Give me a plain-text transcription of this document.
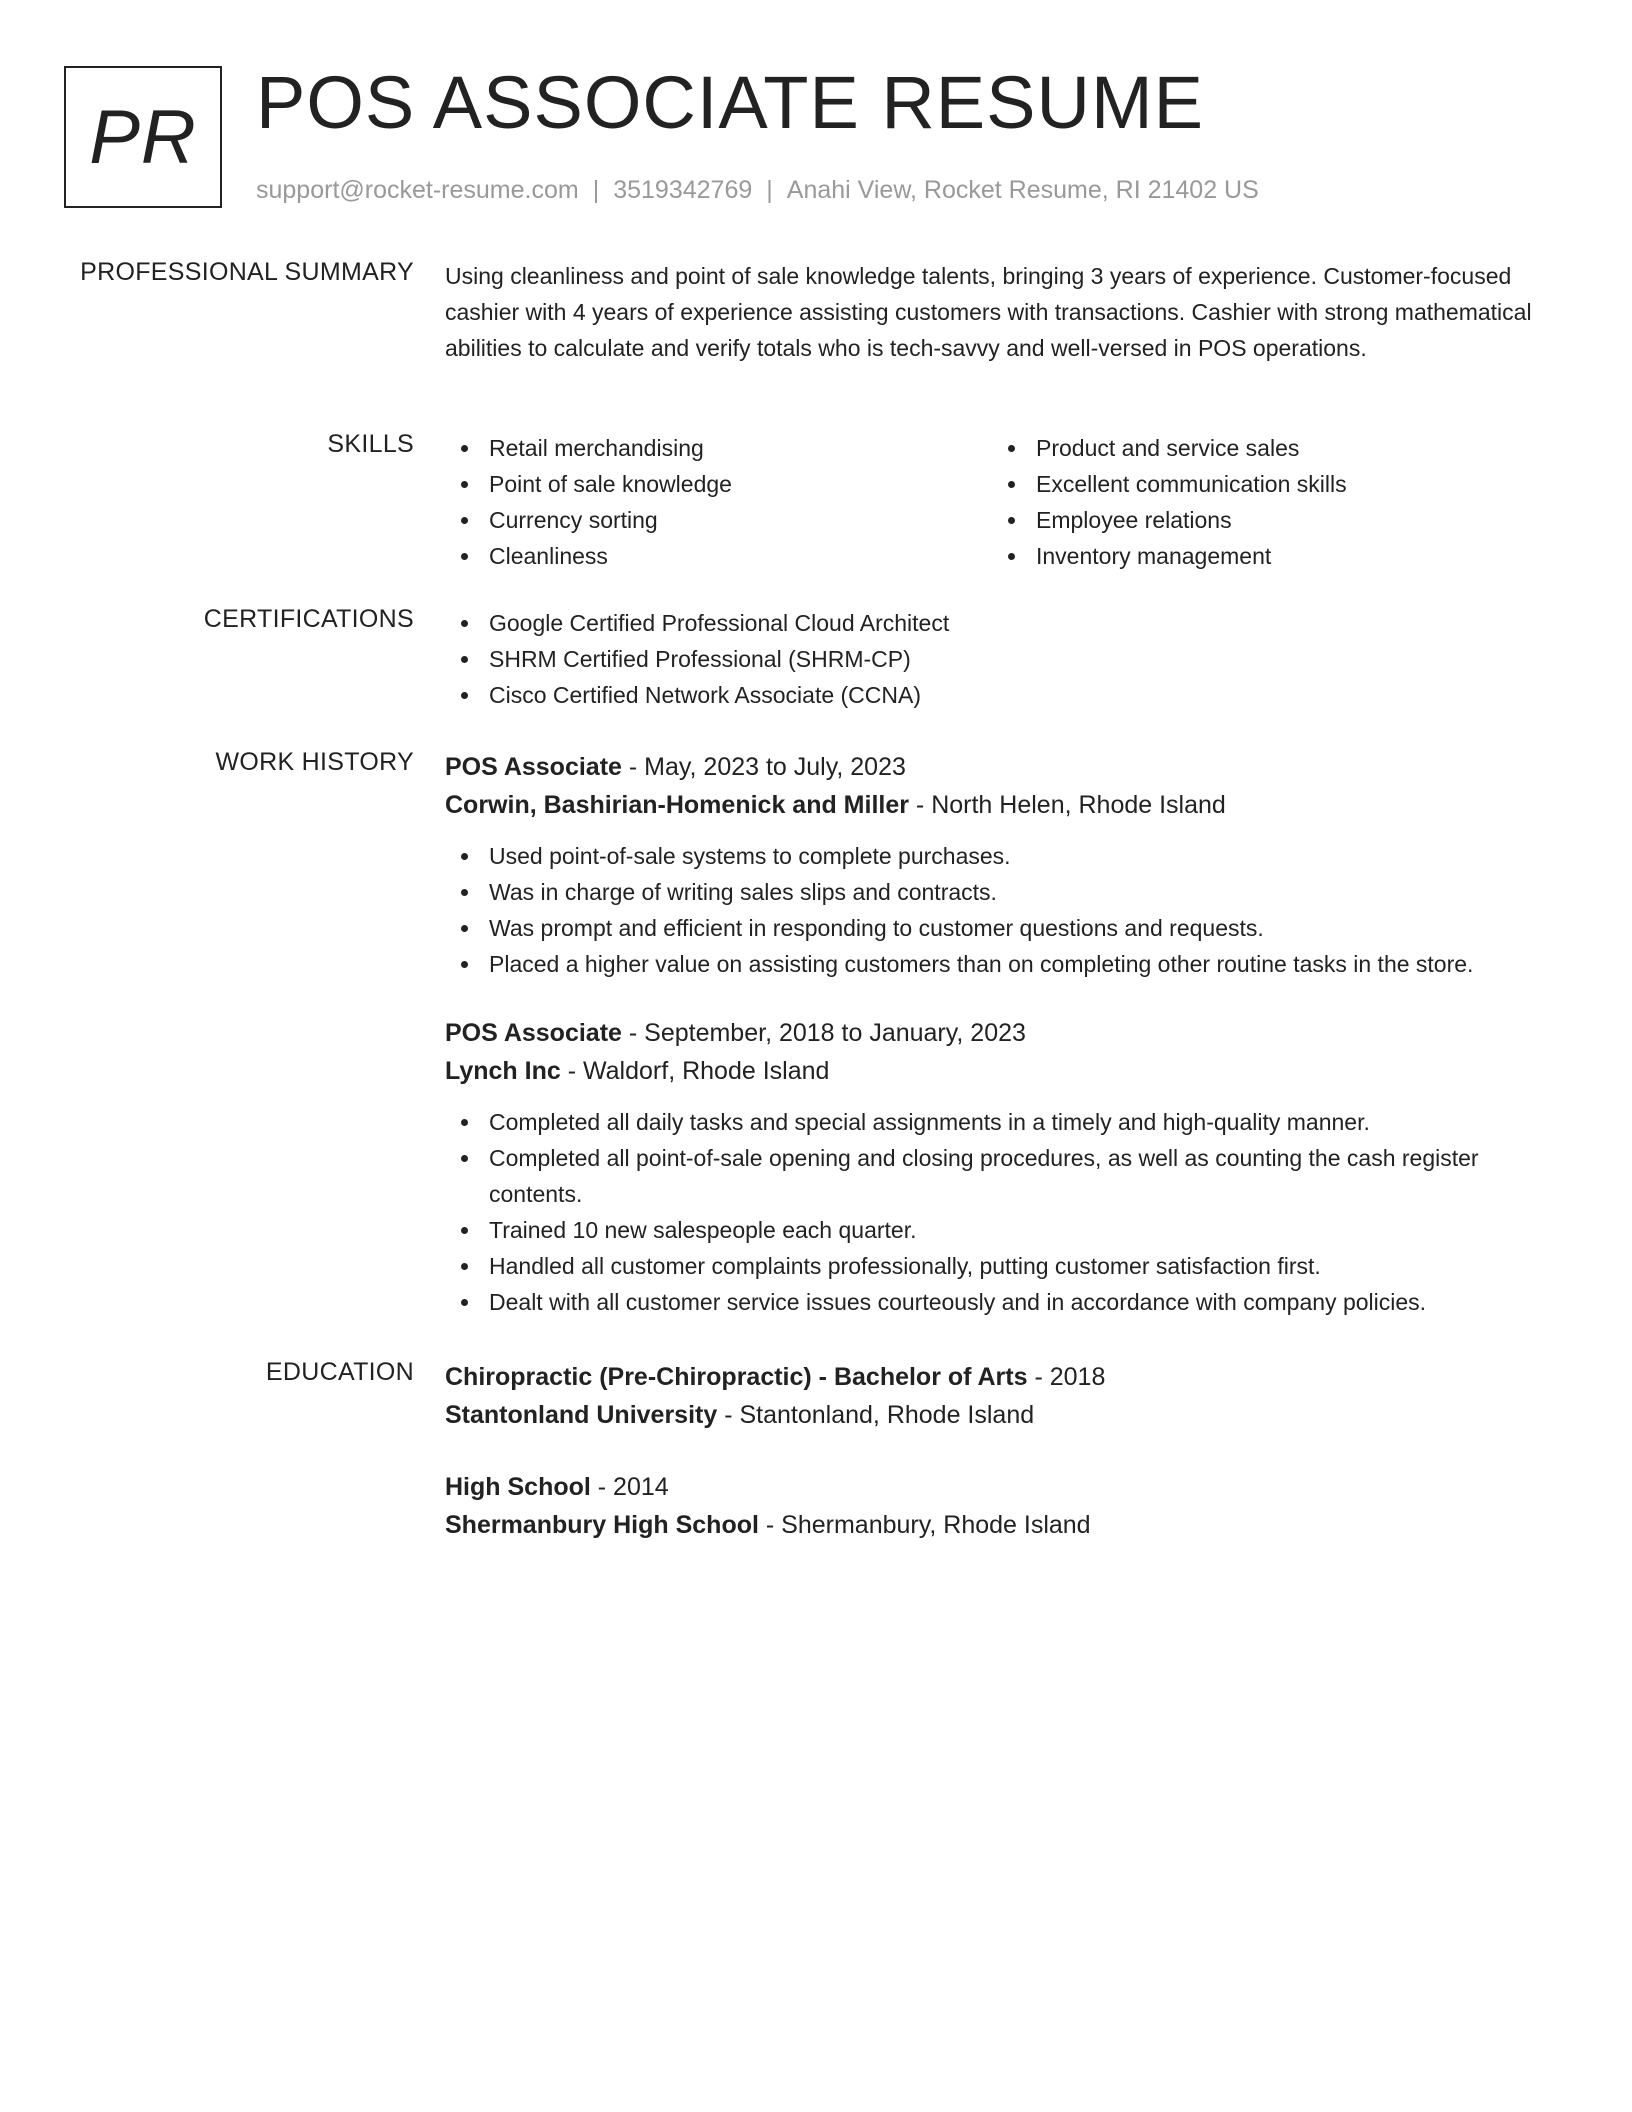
PR POS ASSOCIATE RESUME
support@rocket-resume.com | 3519342769 | Anahi View, Rocket Resume, RI 21402 US
PROFESSIONAL SUMMARY Using cleanliness and point of sale knowledge talents, bringing 3 years of experience. Customer-focused cashier with 4 years of experience assisting customers with transactions. Cashier with strong mathematical abilities to calculate and verify totals who is tech-savvy and well-versed in POS operations.

SKILLS	Retail merchandising
Point of sale knowledge
Currency sorting
Cleanliness
Product and service sales
Excellent communication skills
Employee relations
Inventory management
CERTIFICATIONS	Google Certified Professional Cloud Architect
SHRM Certified Professional (SHRM-CP)
Cisco Certified Network Associate (CCNA)
WORK HISTORY POS Associate - May, 2023 to July, 2023
Corwin, Bashirian-Homenick and Miller - North Helen, Rhode Island
Used point-of-sale systems to complete purchases.
Was in charge of writing sales slips and contracts.
Was prompt and efficient in responding to customer questions and requests.
Placed a higher value on assisting customers than on completing other routine tasks in the store.
POS Associate - September, 2018 to January, 2023
Lynch Inc - Waldorf, Rhode Island
Completed all daily tasks and special assignments in a timely and high-quality manner.
Completed all point-of-sale opening and closing procedures, as well as counting the cash register contents.
Trained 10 new salespeople each quarter.
Handled all customer complaints professionally, putting customer satisfaction first.
Dealt with all customer service issues courteously and in accordance with company policies.
EDUCATION Chiropractic (Pre-Chiropractic) - Bachelor of Arts - 2018
Stantonland University - Stantonland, Rhode Island
High School - 2014
Shermanbury High School - Shermanbury, Rhode Island
